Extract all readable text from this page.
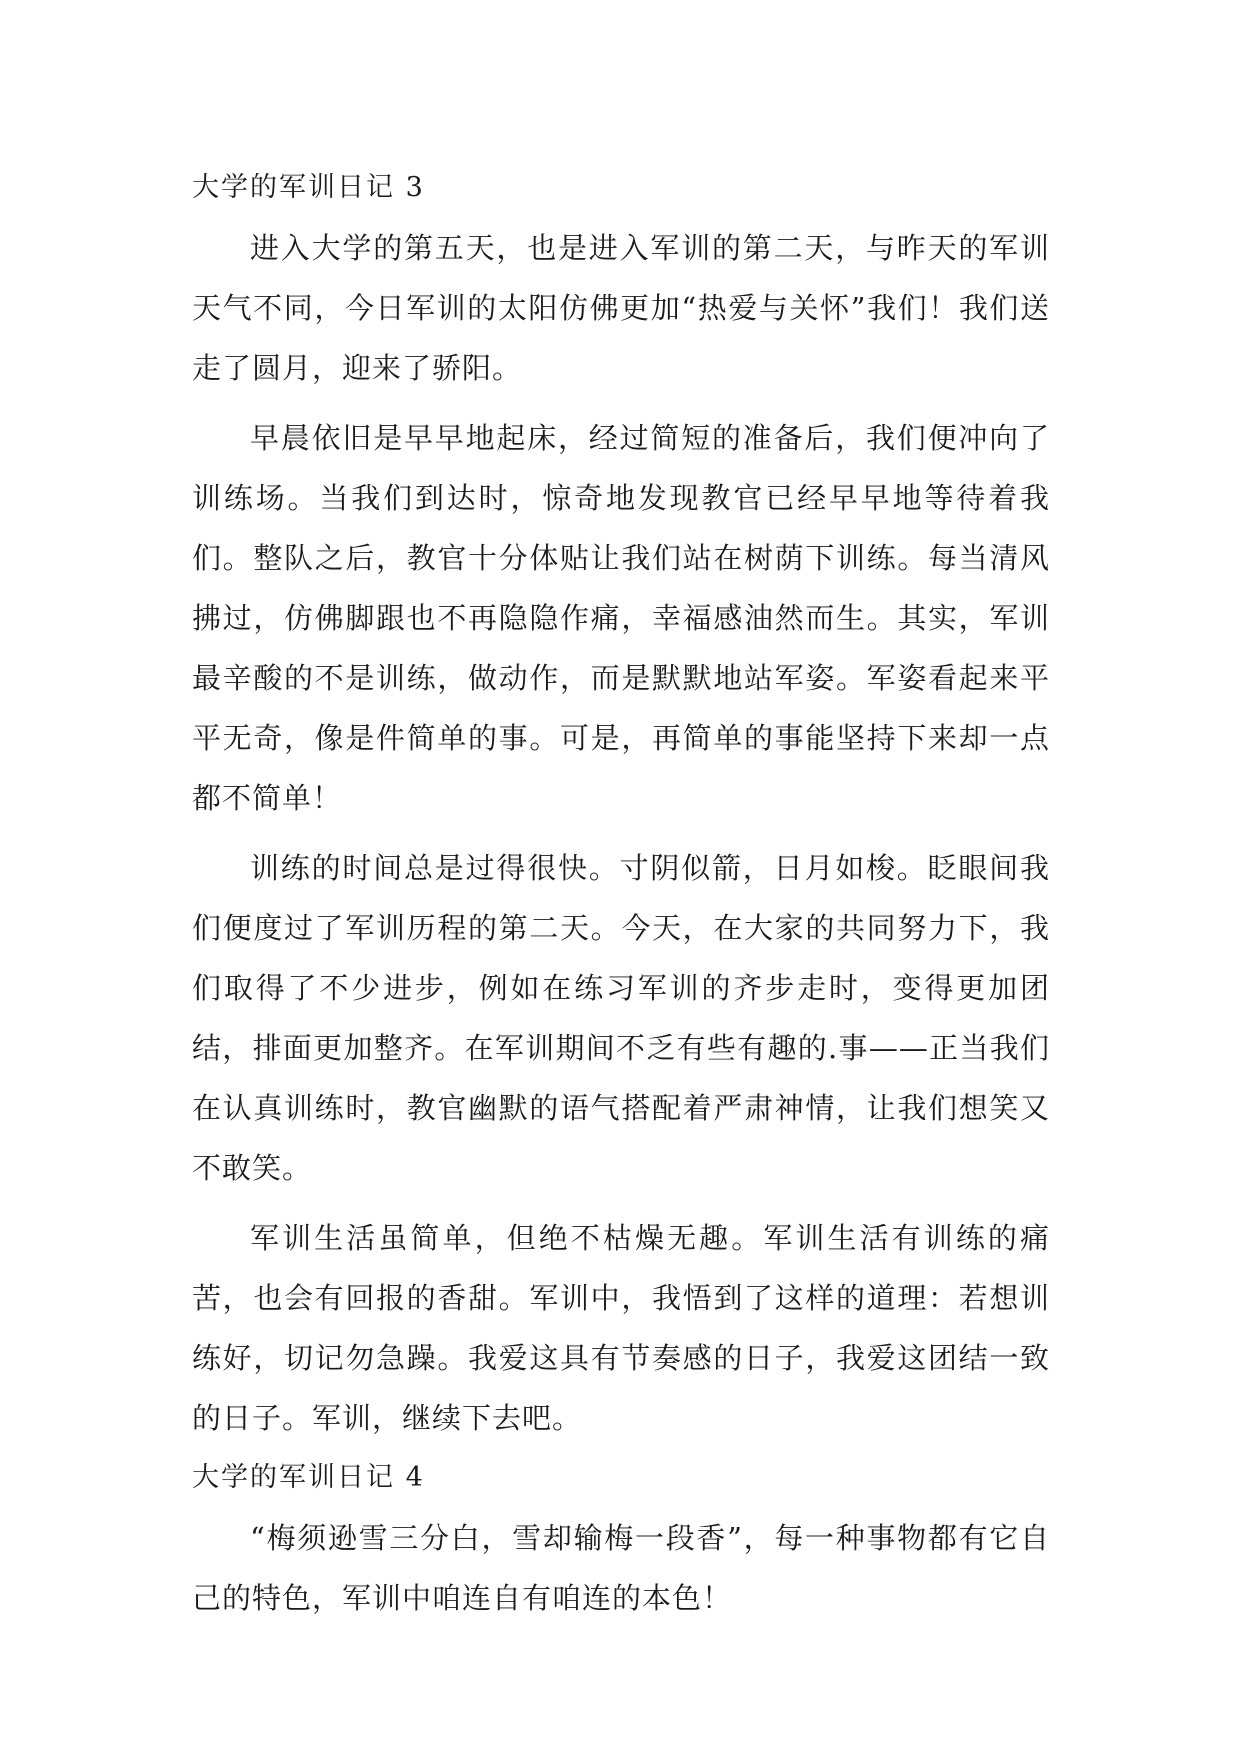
大学的军训日记 3

进入大学的第五天，也是进入军训的第二天，与昨天的军训天气不同，今日军训的太阳仿佛更加“热爱与关怀”我们！我们送走了圆月，迎来了骄阳。

早晨依旧是早早地起床，经过简短的准备后，我们便冲向了训练场。当我们到达时，惊奇地发现教官已经早早地等待着我们。整队之后，教官十分体贴让我们站在树荫下训练。每当清风拂过，仿佛脚跟也不再隐隐作痛，幸福感油然而生。其实，军训最辛酸的不是训练，做动作，而是默默地站军姿。军姿看起来平平无奇，像是件简单的事。可是，再简单的事能坚持下来却一点都不简单！

训练的时间总是过得很快。寸阴似箭，日月如梭。眨眼间我们便度过了军训历程的第二天。今天，在大家的共同努力下，我们取得了不少进步，例如在练习军训的齐步走时，变得更加团结，排面更加整齐。在军训期间不乏有些有趣的.事——正当我们在认真训练时，教官幽默的语气搭配着严肃神情，让我们想笑又不敢笑。

军训生活虽简单，但绝不枯燥无趣。军训生活有训练的痛苦，也会有回报的香甜。军训中，我悟到了这样的道理：若想训练好，切记勿急躁。我爱这具有节奏感的日子，我爱这团结一致的日子。军训，继续下去吧。

大学的军训日记 4

“梅须逊雪三分白，雪却输梅一段香”，每一种事物都有它自己的特色，军训中咱连自有咱连的本色！
